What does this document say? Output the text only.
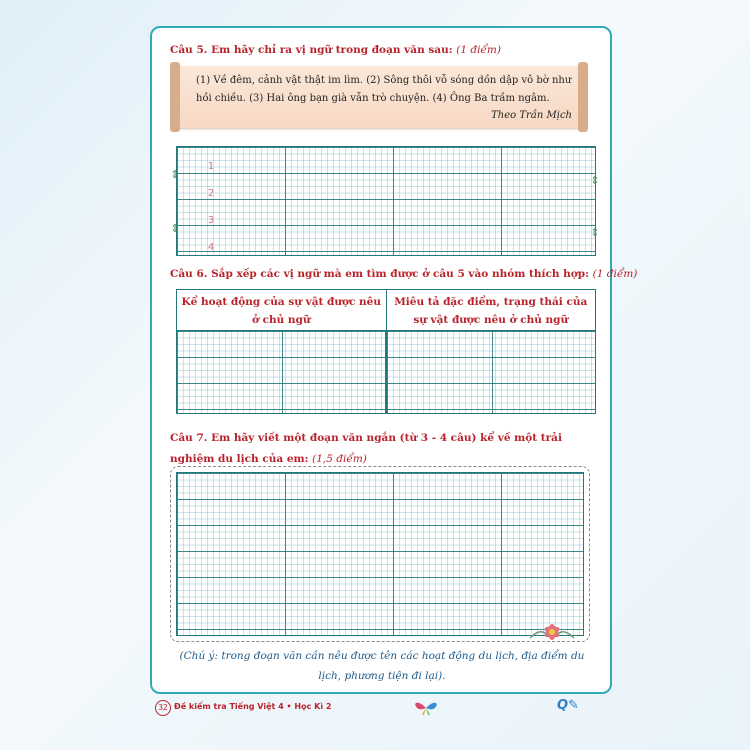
Câu 5. Em hãy chỉ ra vị ngữ trong đoạn văn sau: (1 điểm)
(1) Về đêm, cảnh vật thật im lìm. (2) Sông thôi vỗ sóng dồn dập vô bờ như hồi chiều. (3) Hai ông bạn già vẫn trò chuyện. (4) Ông Ba trầm ngâm.
Theo Trần Mịch
1
2
3
4
⇕
⇕
⇕
⇕
Câu 6. Sắp xếp các vị ngữ mà em tìm được ở câu 5 vào nhóm thích hợp: (1 điểm)
Kể hoạt động của sự vật được nêu ở chủ ngữ
Miêu tả đặc điểm, trạng thái của sự vật được nêu ở chủ ngữ
Câu 7. Em hãy viết một đoạn văn ngắn (từ 3 - 4 câu) kể về một trải nghiệm du lịch của em: (1,5 điểm)
(Chú ý: trong đoạn văn cần nêu được tên các hoạt động du lịch, địa điểm du lịch, phương tiện đi lại).
32 Đề kiểm tra Tiếng Việt 4 • Học Kì 2	Q✎
